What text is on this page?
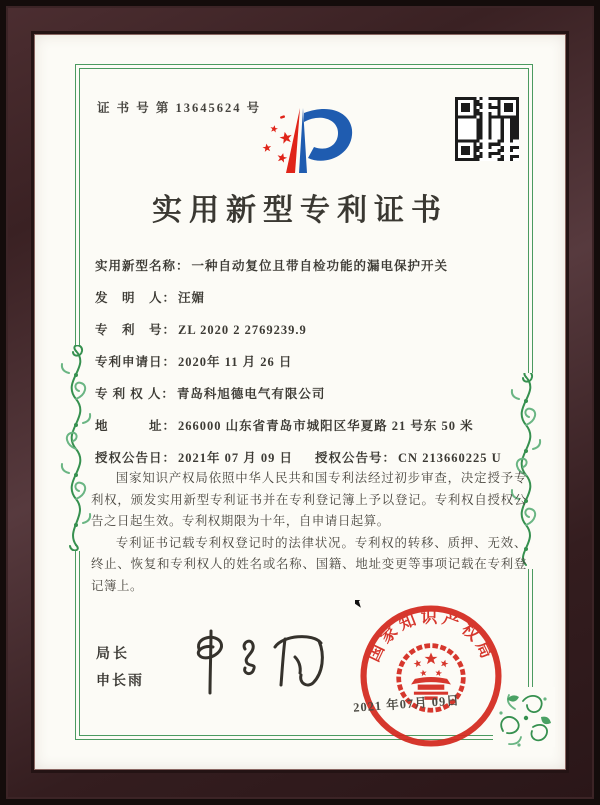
证 书 号 第 13645624 号
实用新型专利证书
实用新型名称： 一种自动复位且带自检功能的漏电保护开关
发　明　人： 汪媚
专　利　号： ZL 2020 2 2769239.9
专利申请日： 2020年 11 月 26 日
专 利 权 人： 青岛科旭德电气有限公司
地　　　址： 266000 山东省青岛市城阳区华夏路 21 号东 50 米
授权公告日： 2021年 07 月 09 日 授权公告号： CN 213660225 U

国家知识产权局依照中华人民共和国专利法经过初步审查，决定授予专利权，颁发实用新型专利证书并在专利登记簿上予以登记。专利权自授权公告之日起生效。专利权期限为十年，自申请日起算。

专利证书记载专利权登记时的法律状况。专利权的转移、质押、无效、终止、恢复和专利权人的姓名或名称、国籍、地址变更等事项记载在专利登记簿上。

局长
申长雨
国家知识产权局
2021 年07月 09日
